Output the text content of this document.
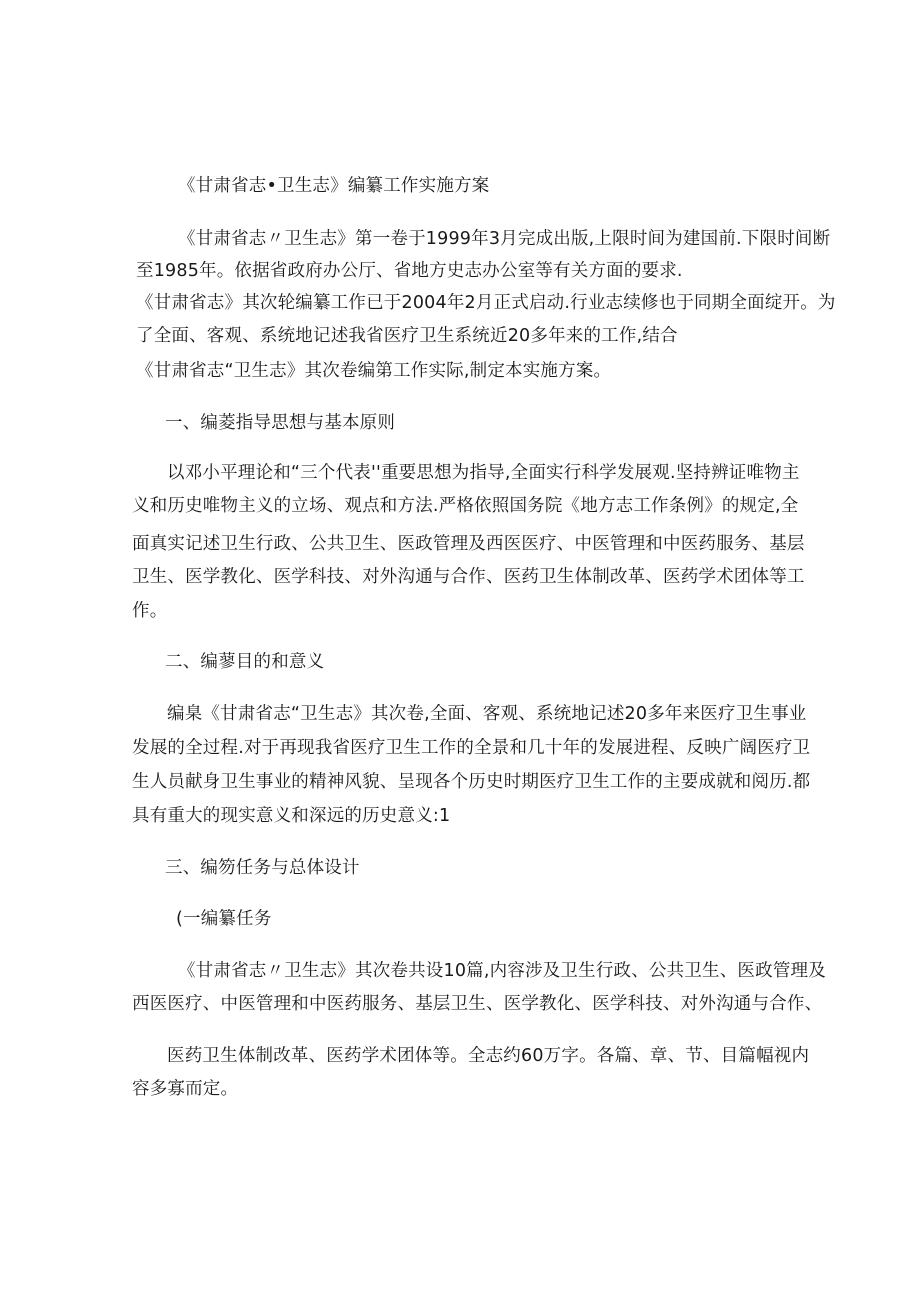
《甘肃省志•卫生志》编纂工作实施方案
《甘肃省志〃卫生志》第一卷于1999年3月完成出版,上限时间为建国前.下限时间断
至1985年。依据省政府办公厅、省地方史志办公室等有关方面的要求.
《甘肃省志》其次轮编纂工作已于2004年2月正式启动.行业志续修也于同期全面绽开。为
了全面、客观、系统地记述我省医疗卫生系统近20多年来的工作,结合
《甘肃省志“卫生志》其次卷编第工作实际,制定本实施方案。
一、编菱指导思想与基本原则
以邓小平理论和“三个代表''重要思想为指导,全面实行科学发展观.坚持辨证唯物主
义和历史唯物主义的立场、观点和方法.严格依照国务院《地方志工作条例》的规定,全
面真实记述卫生行政、公共卫生、医政管理及西医医疗、中医管理和中医药服务、基层
卫生、医学教化、医学科技、对外沟通与合作、医药卫生体制改革、医药学术团体等工
作。
二、编蓼目的和意义
编臬《甘肃省志“卫生志》其次卷,全面、客观、系统地记述20多年来医疗卫生事业
发展的全过程.对于再现我省医疗卫生工作的全景和几十年的发展进程、反映广阔医疗卫
生人员献身卫生事业的精神风貌、呈现各个历史时期医疗卫生工作的主要成就和阅历.都
具有重大的现实意义和深远的历史意义:1
三、编笏任务与总体设计
(一编纂任务
《甘肃省志〃卫生志》其次卷共设10篇,内容涉及卫生行政、公共卫生、医政管理及
西医医疗、中医管理和中医药服务、基层卫生、医学教化、医学科技、对外沟通与合作、
医药卫生体制改革、医药学术团体等。全志约60万字。各篇、章、节、目篇幅视内
容多寡而定。
